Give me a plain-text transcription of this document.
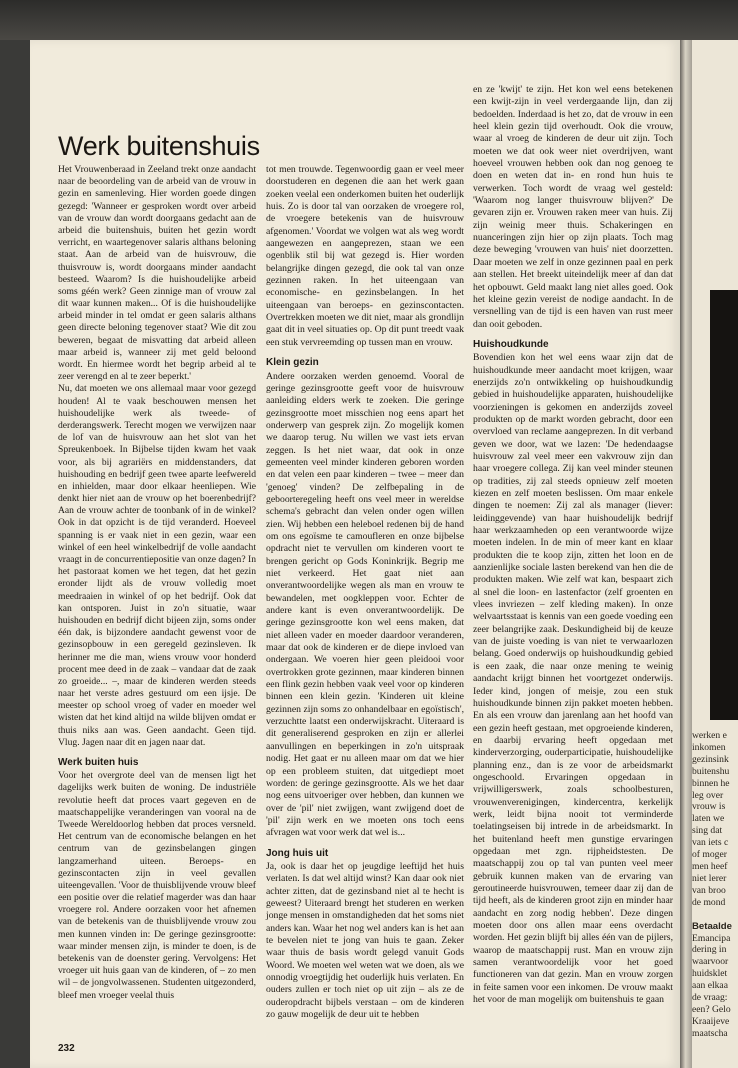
Werk buitenshuis

Het Vrouwenberaad in Zeeland trekt onze aandacht naar de beoordeling van de arbeid van de vrouw in gezin en samenleving. Hier worden goede dingen gezegd: 'Wanneer er gesproken wordt over arbeid van de vrouw dan wordt doorgaans gedacht aan de arbeid die buitenshuis, buiten het gezin wordt verricht, en waartegenover salaris althans beloning staat. Aan de arbeid van de huisvrouw, die thuisvrouw is, wordt doorgaans minder aandacht besteed. Waarom? Is die huishoudelijke arbeid soms géén werk? Geen zinnige man of vrouw zal dit waar kunnen maken... Of is die huishoudelijke arbeid minder in tel omdat er geen salaris althans geen directe beloning tegenover staat? Wie dit zou beweren, begaat de misvatting dat arbeid alleen maar arbeid is, wanneer zij met geld beloond wordt. En hiermee wordt het begrip arbeid al te zeer verengd en al te zeer beperkt.'

Nu, dat moeten we ons allemaal maar voor gezegd houden! Al te vaak beschouwen mensen het huishoudelijke werk als tweede- of derderangswerk. Terecht mogen we verwijzen naar de lof van de huisvrouw aan het slot van het Spreukenboek. In Bijbelse tijden kwam het vaak voor, als bij agrariërs en middenstanders, dat huishouding en bedrijf geen twee aparte leefwereld en inhielden, maar door elkaar heenliepen. Wie denkt hier niet aan de vrouw op het boerenbedrijf? Aan de vrouw achter de toonbank of in de winkel? Ook in dat opzicht is de tijd veranderd. Hoeveel spanning is er vaak niet in een gezin, waar een winkel of een heel winkelbedrijf de volle aandacht vraagt in de concurrentiepositie van onze dagen? In het pastoraat komen we het tegen, dat het gezin eronder lijdt als de vrouw volledig moet meedraaien in winkel of op het bedrijf. Ook dat kan ontsporen. Juist in zo'n situatie, waar huishouden en bedrijf dicht bijeen zijn, soms onder één dak, is bijzondere aandacht gewenst voor de gezinsopbouw in een geregeld gezinsleven. Ik herinner me die man, wiens vrouw voor honderd procent mee deed in de zaak – vandaar dat de zaak zo groeide... –, maar de kinderen werden steeds naar het verste adres gestuurd om een ijsje. De meester op school vroeg of vader en moeder wel wisten dat het kind altijd na wilde blijven omdat er thuis niks aan was. Geen aandacht. Geen tijd. Vlug. Jagen naar dit en jagen naar dat.

Werk buiten huis

Voor het overgrote deel van de mensen ligt het dagelijks werk buiten de woning. De industriële revolutie heeft dat proces vaart gegeven en de maatschappelijke veranderingen van vooral na de Tweede Wereldoorlog hebben dat proces versneld. Het centrum van de economische belangen en het centrum van de gezinsbelangen gingen langzamerhand uiteen. Beroeps- en gezinscontacten zijn in veel gevallen uiteengevallen. 'Voor de thuisblijvende vrouw bleef een positie over die relatief magerder was dan haar vroegere rol. Andere oorzaken voor het afnemen van de betekenis van de thuisblijvende vrouw zou men kunnen vinden in: De geringe gezinsgrootte: waar minder mensen zijn, is minder te doen, is de betekenis van de doenster gering. Vervolgens: Het vroeger uit huis gaan van de kinderen, of – zo men wil – de jongvolwassenen. Studenten uitgezonderd, bleef men vroeger veelal thuis

tot men trouwde. Tegenwoordig gaan er veel meer doorstuderen en degenen die aan het werk gaan zoeken veelal een onderkomen buiten het ouderlijk huis. Zo is door tal van oorzaken de vroegere rol, de vroegere betekenis van de huisvrouw afgenomen.' Voordat we volgen wat als weg wordt aangewezen en aangeprezen, staan we een ogenblik stil bij wat gezegd is. Hier worden belangrijke dingen gezegd, die ook tal van onze gezinnen raken. In het uiteengaan van economische- en gezinsbelangen. In het uiteengaan van beroeps- en gezinscontacten. Overtrekken moeten we dit niet, maar als grondlijn gaat dit in veel situaties op. Op dit punt treedt vaak een stuk vervreemding op tussen man en vrouw.

Klein gezin

Andere oorzaken werden genoemd. Vooral de geringe gezinsgrootte geeft voor de huisvrouw aanleiding elders werk te zoeken. Die geringe gezinsgrootte moet misschien nog eens apart het onderwerp van gesprek zijn. Zo mogelijk komen we daarop terug. Nu willen we vast iets ervan zeggen. Is het niet waar, dat ook in onze gemeenten veel minder kinderen geboren worden en dat velen een paar kinderen – twee – meer dan 'genoeg' vinden? De zelfbepaling in de geboorteregeling heeft ons veel meer in wereldse schema's gebracht dan velen onder ogen willen zien. Wij hebben een heleboel redenen bij de hand om ons egoïsme te camoufleren en onze bijbelse opdracht niet te vervullen om kinderen voort te brengen gericht op Gods Koninkrijk. Begrip me niet verkeerd. Het gaat niet aan onverantwoordelijke wegen als man en vrouw te bewandelen, met oogkleppen voor. Echter de andere kant is even onverantwoordelijk. De geringe gezinsgrootte kon wel eens maken, dat niet alleen vader en moeder daardoor veranderen, maar dat ook de kinderen er de diepe invloed van ondergaan. We voeren hier geen pleidooi voor overtrokken grote gezinnen, maar kinderen binnen een flink gezin hebben vaak veel voor op kinderen binnen een klein gezin. 'Kinderen uit kleine gezinnen zijn soms zo onhandelbaar en egoïstisch', verzuchtte laatst een onderwijskracht. Uiteraard is dit generaliserend gesproken en zijn er allerlei aanvullingen en beperkingen in zo'n uitspraak nodig. Het gaat er nu alleen maar om dat we hier op een probleem stuiten, dat uitgediept moet worden: de geringe gezinsgrootte. Als we het daar nog eens uitvoeriger over hebben, dan kunnen we over de 'pil' niet zwijgen, want zwijgend doet de 'pil' zijn werk en we moeten ons toch eens afvragen wat voor werk dat wel is...

Jong huis uit

Ja, ook is daar het op jeugdige leeftijd het huis verlaten. Is dat wel altijd winst? Kan daar ook niet achter zitten, dat de gezinsband niet al te hecht is geweest? Uiteraard brengt het studeren en werken jonge mensen in omstandigheden dat het soms niet anders kan. Waar het nog wel anders kan is het aan te bevelen niet te jong van huis te gaan. Zeker waar thuis de basis wordt gelegd vanuit Gods Woord. We moeten wel weten wat we doen, als we onnodig vroegtijdig het ouderlijk huis verlaten. En ouders zullen er toch niet op uit zijn – als ze de ouderopdracht bijbels verstaan – om de kinderen zo gauw mogelijk de deur uit te hebben

en ze 'kwijt' te zijn. Het kon wel eens betekenen een kwijt-zijn in veel verdergaande lijn, dan zij bedoelden. Inderdaad is het zo, dat de vrouw in een heel klein gezin tijd overhoudt. Ook die vrouw, waar al vroeg de kinderen de deur uit zijn. Toch moeten we dat ook weer niet overdrijven, want hoeveel vrouwen hebben ook dan nog genoeg te doen en weten dat in- en rond hun huis te verwerken. Toch wordt de vraag wel gesteld: 'Waarom nog langer thuisvrouw blijven?' De gevaren zijn er. Vrouwen raken meer van huis. Zij zijn weinig meer thuis. Schakeringen en nuanceringen zijn hier op zijn plaats. Toch mag deze beweging 'vrouwen van huis' niet doorzetten. Daar moeten we zelf in onze gezinnen paal en perk aan stellen. Het breekt uiteindelijk meer af dan dat het opbouwt. Geld maakt lang niet alles goed. Ook het kleine gezin vereist de nodige aandacht. In de versnelling van de tijd is een haven van rust meer dan ooit geboden.

Huishoudkunde

Bovendien kon het wel eens waar zijn dat de huishoudkunde meer aandacht moet krijgen, waar enerzijds zo'n ontwikkeling op huishoudkundig gebied in huishoudelijke apparaten, huishoudelijke voorzieningen is gekomen en anderzijds zoveel produkten op de markt worden gebracht, door een overvloed van reclame aangeprezen. In dit verband geven we door, wat we lazen: 'De hedendaagse huisvrouw zal veel meer een vakvrouw zijn dan haar vroegere collega. Zij kan veel minder steunen op tradities, zij zal steeds opnieuw zelf moeten kiezen en zelf moeten beslissen. Om maar enkele dingen te noemen: Zij zal als manager (liever: leidinggevende) van haar huishoudelijk bedrijf haar werkzaamheden op een verantwoorde wijze moeten indelen. In de min of meer kant en klaar produkten die te koop zijn, zitten het loon en de aanzienlijke sociale lasten berekend van hen die de produkten maken. Wie zelf wat kan, bespaart zich al snel die loon- en lastenfactor (zelf groenten en vlees invriezen – zelf kleding maken). In onze welvaartsstaat is kennis van een goede voeding een zeer belangrijke zaak. Deskundigheid bij de keuze van de juiste voeding is van niet te verwaarlozen belang. Goed onderwijs op huishoudkundig gebied is een zaak, die naar onze mening te weinig aandacht krijgt binnen het voortgezet onderwijs. Ieder kind, jongen of meisje, zou een stuk huishoudkunde binnen zijn pakket moeten hebben. En als een vrouw dan jarenlang aan het hoofd van een gezin heeft gestaan, met opgroeiende kinderen, en daarbij ervaring heeft opgedaan met kinderverzorging, ouderparticipatie, huishoudelijke planning enz., dan is ze voor de arbeidsmarkt ongeschoold. Ervaringen opgedaan in vrijwilligerswerk, zoals schoolbesturen, vrouwenverenigingen, kindercentra, kerkelijk werk, leidt bijna nooit tot verminderde toelatingseisen bij intrede in de arbeidsmarkt. In het buitenland heeft men gunstige ervaringen opgedaan met zgn. rijpheidstesten. De maatschappij zou op tal van punten veel meer gebruik kunnen maken van de ervaring van geroutineerde huisvrouwen, temeer daar zij dan de tijd heeft, als de kinderen groot zijn en minder haar aandacht en zorg nodig hebben'. Deze dingen moeten door ons allen maar eens overdacht worden. Het gezin blijft bij alles één van de pijlers, waarop de maatschappij rust. Man en vrouw zijn samen verantwoordelijk voor het goed functioneren van dat gezin. Man en vrouw zorgen in feite samen voor een inkomen. De vrouw maakt het voor de man mogelijk om buitenshuis te gaan

232
werken e
inkomen
gezinsink
buitenshu
binnen he
leg over
vrouw is
laten we
sing dat
van iets c
of moger
men heef
niet lerer
van broo
de mond
Betaalde
Emancipa
dering in
waarvoor
huidsklet
aan elkaa
de vraag:
een? Gelo
Kraaijeve
maatscha
